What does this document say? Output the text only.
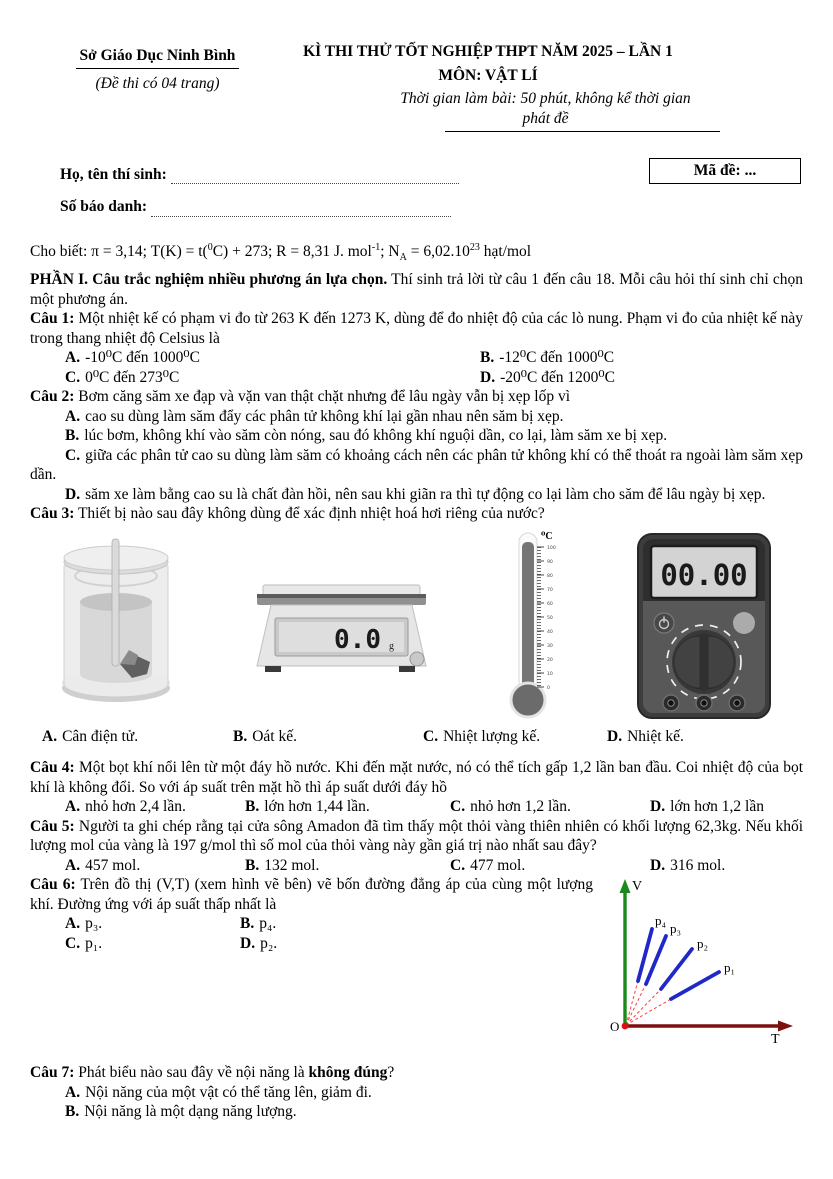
Sở Giáo Dục Ninh Bình
(Đề thi có 04 trang)
KÌ THI THỬ TỐT NGHIỆP THPT NĂM 2025 – LẦN 1
MÔN: VẬT LÍ
Thời gian làm bài: 50 phút, không kể thời gian phát đề
Họ, tên thí sinh:	Mã đề: ...
Số báo danh:
Cho biết: π = 3,14; T(K) = t($^0$C) + 273; R = 8,31 J. mol$^{-1}$; $N_A = 6,02.10^{23}$ hạt/mol
PHẦN I. Câu trắc nghiệm nhiều phương án lựa chọn. Thí sinh trả lời từ câu 1 đến câu 18. Mỗi câu hỏi thí sinh chỉ chọn một phương án.
Câu 1: Một nhiệt kế có phạm vi đo từ 263 K đến 1273 K, dùng để đo nhiệt độ của các lò nung. Phạm vi đo của nhiệt kế này trong thang nhiệt độ Celsius là
A. -10⁰C đến 1000⁰C	B. -12⁰C đến 1000⁰C
C. 0⁰C đến 273⁰C	D. -20⁰C đến 1200⁰C
Câu 2: Bơm căng săm xe đạp và vặn van thật chặt nhưng để lâu ngày vẫn bị xẹp lốp vì
A. cao su dùng làm săm đẩy các phân tử không khí lại gần nhau nên săm bị xẹp.
B. lúc bơm, không khí vào săm còn nóng, sau đó không khí nguội dần, co lại, làm săm xe bị xẹp.
C. giữa các phân tử cao su dùng làm săm có khoảng cách nên các phân tử không khí có thể thoát ra ngoài làm săm xẹp dần.
D. săm xe làm bằng cao su là chất đàn hồi, nên sau khi giãn ra thì tự động co lại làm cho săm để lâu ngày bị xẹp.
Câu 3: Thiết bị nào sau đây không dùng để xác định nhiệt hoá hơi riêng của nước?
0.0 g
100
90
80
70
60
50
40
30
20
10
0
⁰C
00.00
A. Cân điện tử.	B. Oát kế.	C. Nhiệt lượng kế.	D. Nhiệt kế.
Câu 4: Một bọt khí nổi lên từ một đáy hồ nước. Khi đến mặt nước, nó có thể tích gấp 1,2 lần ban đầu. Coi nhiệt độ của bọt khí là không đổi. So với áp suất trên mặt hồ thì áp suất dưới đáy hồ
A. nhỏ hơn 2,4 lần.	B. lớn hơn 1,44 lần.	C. nhỏ hơn 1,2 lần.	D. lớn hơn 1,2 lần
Câu 5: Người ta ghi chép rằng tại cửa sông Amadon đã tìm thấy một thỏi vàng thiên nhiên có khối lượng 62,3kg. Nếu khối lượng mol của vàng là 197 g/mol thì số mol của thỏi vàng này gần giá trị nào nhất sau đây?
A. 457 mol.	B. 132 mol.	C. 477 mol.	D. 316 mol.
V
T
O
p₄
p₃
p₂
p₁
Câu 6: Trên đồ thị (V,T) (xem hình vẽ bên) vẽ bốn đường đẳng áp của cùng một lượng khí. Đường ứng với áp suất thấp nhất là
A. p₃.	B. p₄.
C. p₁.	D. p₂.
Câu 7: Phát biểu nào sau đây về nội năng là không đúng?
A. Nội năng của một vật có thể tăng lên, giảm đi.
B. Nội năng là một dạng năng lượng.
